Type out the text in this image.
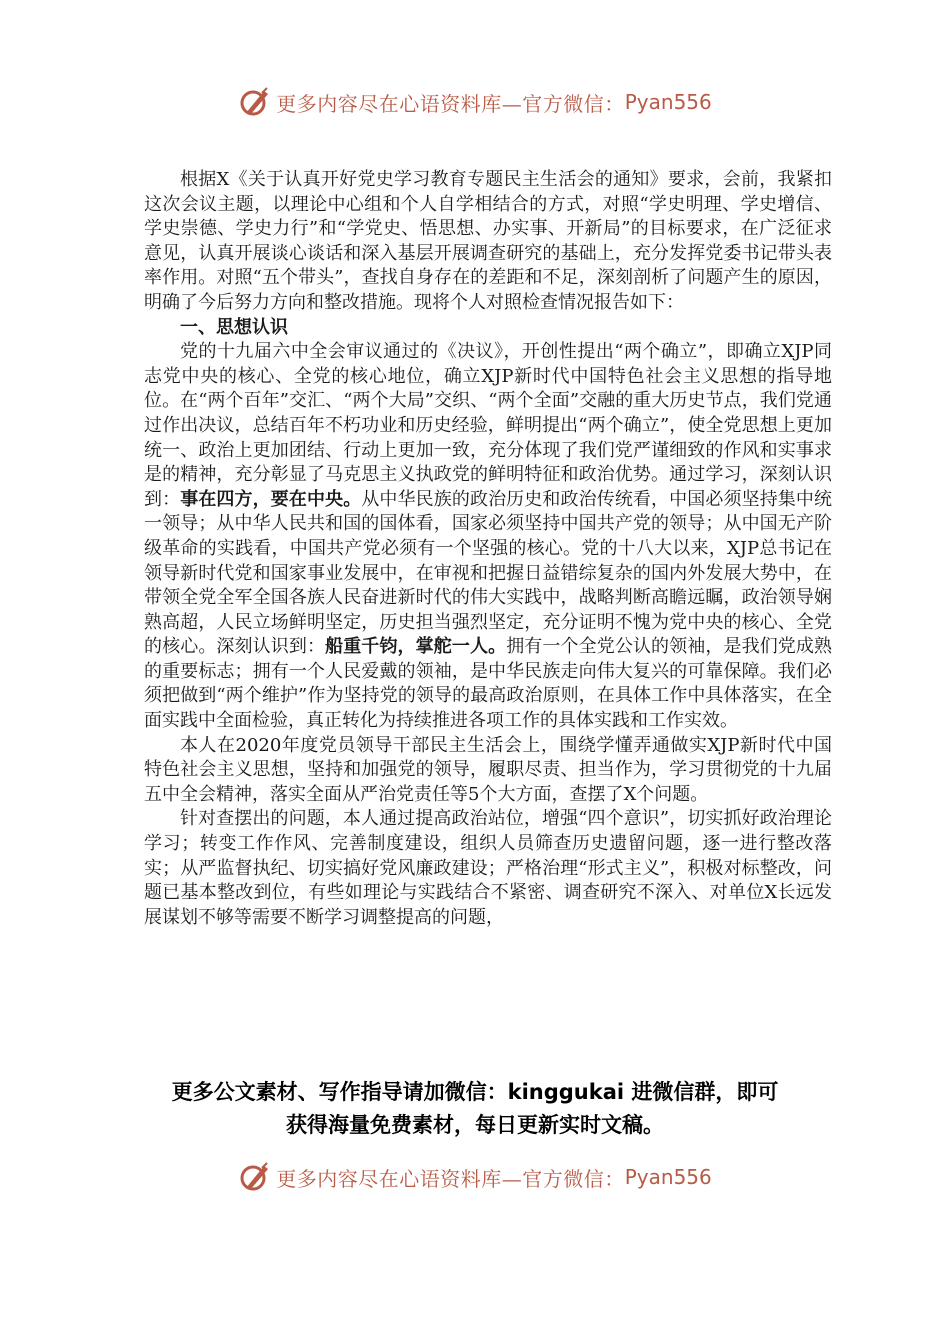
更多内容尽在心语资料库—官方微信： Pyan556

根据X《关于认真开好党史学习教育专题民主生活会的通知》要求，会前，我紧扣这次会议主题，以理论中心组和个人自学相结合的方式，对照“学史明理、学史增信、学史崇德、学史力行”和“学党史、悟思想、办实事、开新局”的目标要求，在广泛征求意见，认真开展谈心谈话和深入基层开展调查研究的基础上，充分发挥党委书记带头表率作用。对照“五个带头”，查找自身存在的差距和不足，深刻剖析了问题产生的原因，明确了今后努力方向和整改措施。现将个人对照检查情况报告如下：

一、思想认识

党的十九届六中全会审议通过的《决议》，开创性提出“两个确立”，即确立XJP同志党中央的核心、全党的核心地位，确立XJP新时代中国特色社会主义思想的指导地位。在“两个百年”交汇、“两个大局”交织、“两个全面”交融的重大历史节点，我们党通过作出决议，总结百年不朽功业和历史经验，鲜明提出“两个确立”，使全党思想上更加统一、政治上更加团结、行动上更加一致，充分体现了我们党严谨细致的作风和实事求是的精神，充分彰显了马克思主义执政党的鲜明特征和政治优势。通过学习，深刻认识到：事在四方，要在中央。从中华民族的政治历史和政治传统看，中国必须坚持集中统一领导；从中华人民共和国的国体看，国家必须坚持中国共产党的领导；从中国无产阶级革命的实践看，中国共产党必须有一个坚强的核心。党的十八大以来，XJP总书记在领导新时代党和国家事业发展中，在审视和把握日益错综复杂的国内外发展大势中，在带领全党全军全国各族人民奋进新时代的伟大实践中，战略判断高瞻远瞩，政治领导娴熟高超，人民立场鲜明坚定，历史担当强烈坚定，充分证明不愧为党中央的核心、全党的核心。深刻认识到：船重千钧，掌舵一人。拥有一个全党公认的领袖，是我们党成熟的重要标志；拥有一个人民爱戴的领袖，是中华民族走向伟大复兴的可靠保障。我们必须把做到“两个维护”作为坚持党的领导的最高政治原则，在具体工作中具体落实，在全面实践中全面检验，真正转化为持续推进各项工作的具体实践和工作实效。

本人在2020年度党员领导干部民主生活会上，围绕学懂弄通做实XJP新时代中国特色社会主义思想，坚持和加强党的领导，履职尽责、担当作为，学习贯彻党的十九届五中全会精神，落实全面从严治党责任等5个大方面，查摆了X个问题。

针对查摆出的问题，本人通过提高政治站位，增强“四个意识”，切实抓好政治理论学习；转变工作作风、完善制度建设，组织人员筛查历史遗留问题，逐一进行整改落实；从严监督执纪、切实搞好党风廉政建设；严格治理“形式主义”，积极对标整改，问题已基本整改到位，有些如理论与实践结合不紧密、调查研究不深入、对单位X长远发展谋划不够等需要不断学习调整提高的问题，

更多公文素材、写作指导请加微信：kinggukai 进微信群，即可
获得海量免费素材，每日更新实时文稿。
更多内容尽在心语资料库—官方微信： Pyan556
